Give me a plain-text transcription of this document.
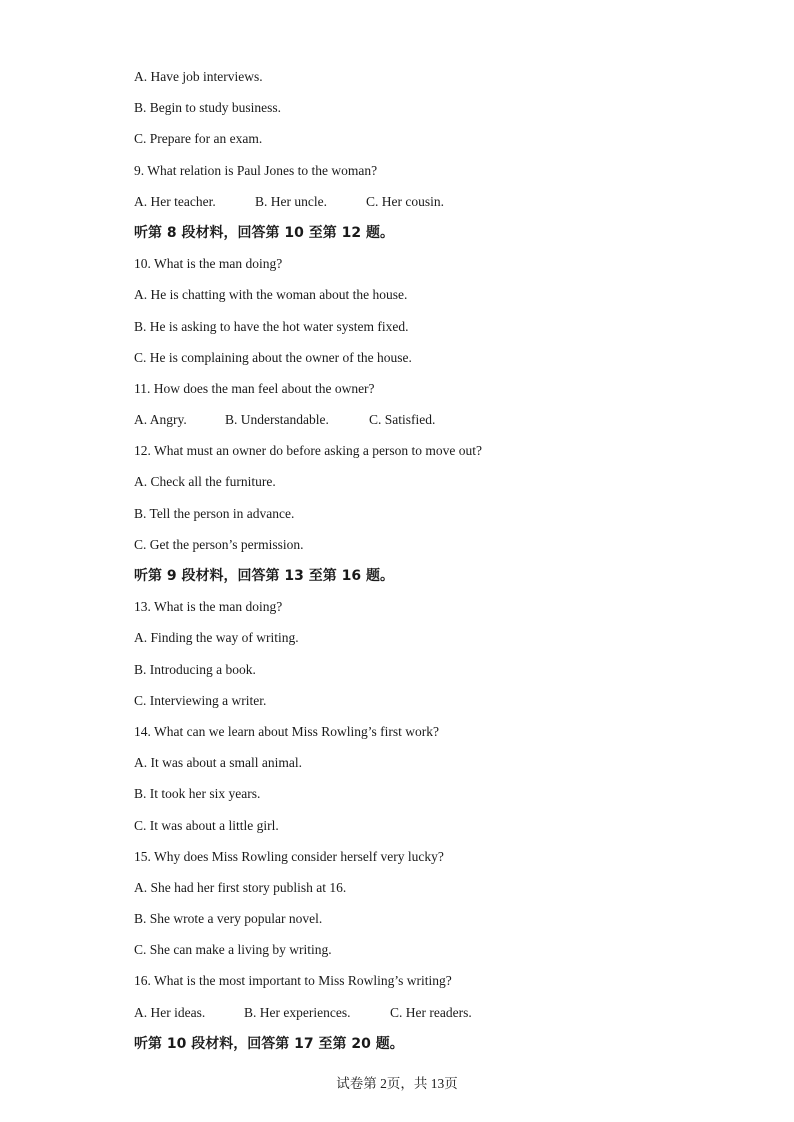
A. Have job interviews.
B. Begin to study business.
C. Prepare for an exam.
9. What relation is Paul Jones to the woman?
A. Her teacher.	B. Her uncle.	C. Her cousin.
听第 8 段材料，回答第 10 至第 12 题。
10. What is the man doing?
A. He is chatting with the woman about the house.
B. He is asking to have the hot water system fixed.
C. He is complaining about the owner of the house.
11. How does the man feel about the owner?
A. Angry.	B. Understandable.	C. Satisfied.
12. What must an owner do before asking a person to move out?
A. Check all the furniture.
B. Tell the person in advance.
C. Get the person’s permission.
听第 9 段材料，回答第 13 至第 16 题。
13. What is the man doing?
A. Finding the way of writing.
B. Introducing a book.
C. Interviewing a writer.
14. What can we learn about Miss Rowling’s first work?
A. It was about a small animal.
B. It took her six years.
C. It was about a little girl.
15. Why does Miss Rowling consider herself very lucky?
A. She had her first story publish at 16.
B. She wrote a very popular novel.
C. She can make a living by writing.
16. What is the most important to Miss Rowling’s writing?
A. Her ideas.	B. Her experiences.	C. Her readers.
听第 10 段材料，回答第 17 至第 20 题。
试卷第 2页，共 13页
